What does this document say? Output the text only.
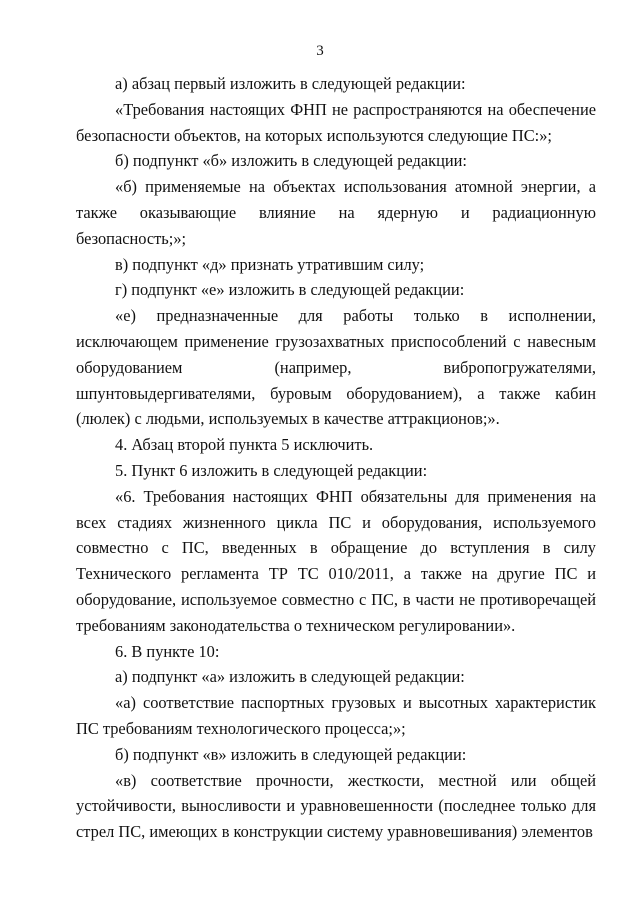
3

а) абзац первый изложить в следующей редакции:

«Требования настоящих ФНП не распространяются на обеспечение безопасности объектов, на которых используются следующие ПС:»;

б) подпункт «б» изложить в следующей редакции:

«б) применяемые на объектах использования атомной энергии, а также оказывающие влияние на ядерную и радиационную безопасность;»;

в) подпункт «д» признать утратившим силу;

г) подпункт «е» изложить в следующей редакции:

«е) предназначенные для работы только в исполнении, исключающем применение грузозахватных приспособлений с навесным оборудованием (например, вибропогружателями, шпунтовыдергивателями, буровым оборудованием), а также кабин (люлек) с людьми, используемых в качестве аттракционов;».

4. Абзац второй пункта 5 исключить.

5. Пункт 6 изложить в следующей редакции:

«6. Требования настоящих ФНП обязательны для применения на всех стадиях жизненного цикла ПС и оборудования, используемого совместно с ПС, введенных в обращение до вступления в силу Технического регламента ТР ТС 010/2011, а также на другие ПС и оборудование, используемое совместно с ПС, в части не противоречащей требованиям законодательства о техническом регулировании».

6. В пункте 10:

а) подпункт «а» изложить в следующей редакции:

«а) соответствие паспортных грузовых и высотных характеристик ПС требованиям технологического процесса;»;

б) подпункт «в» изложить в следующей редакции:

«в) соответствие прочности, жесткости, местной или общей устойчивости, выносливости и уравновешенности (последнее только для стрел ПС, имеющих в конструкции систему уравновешивания) элементов
